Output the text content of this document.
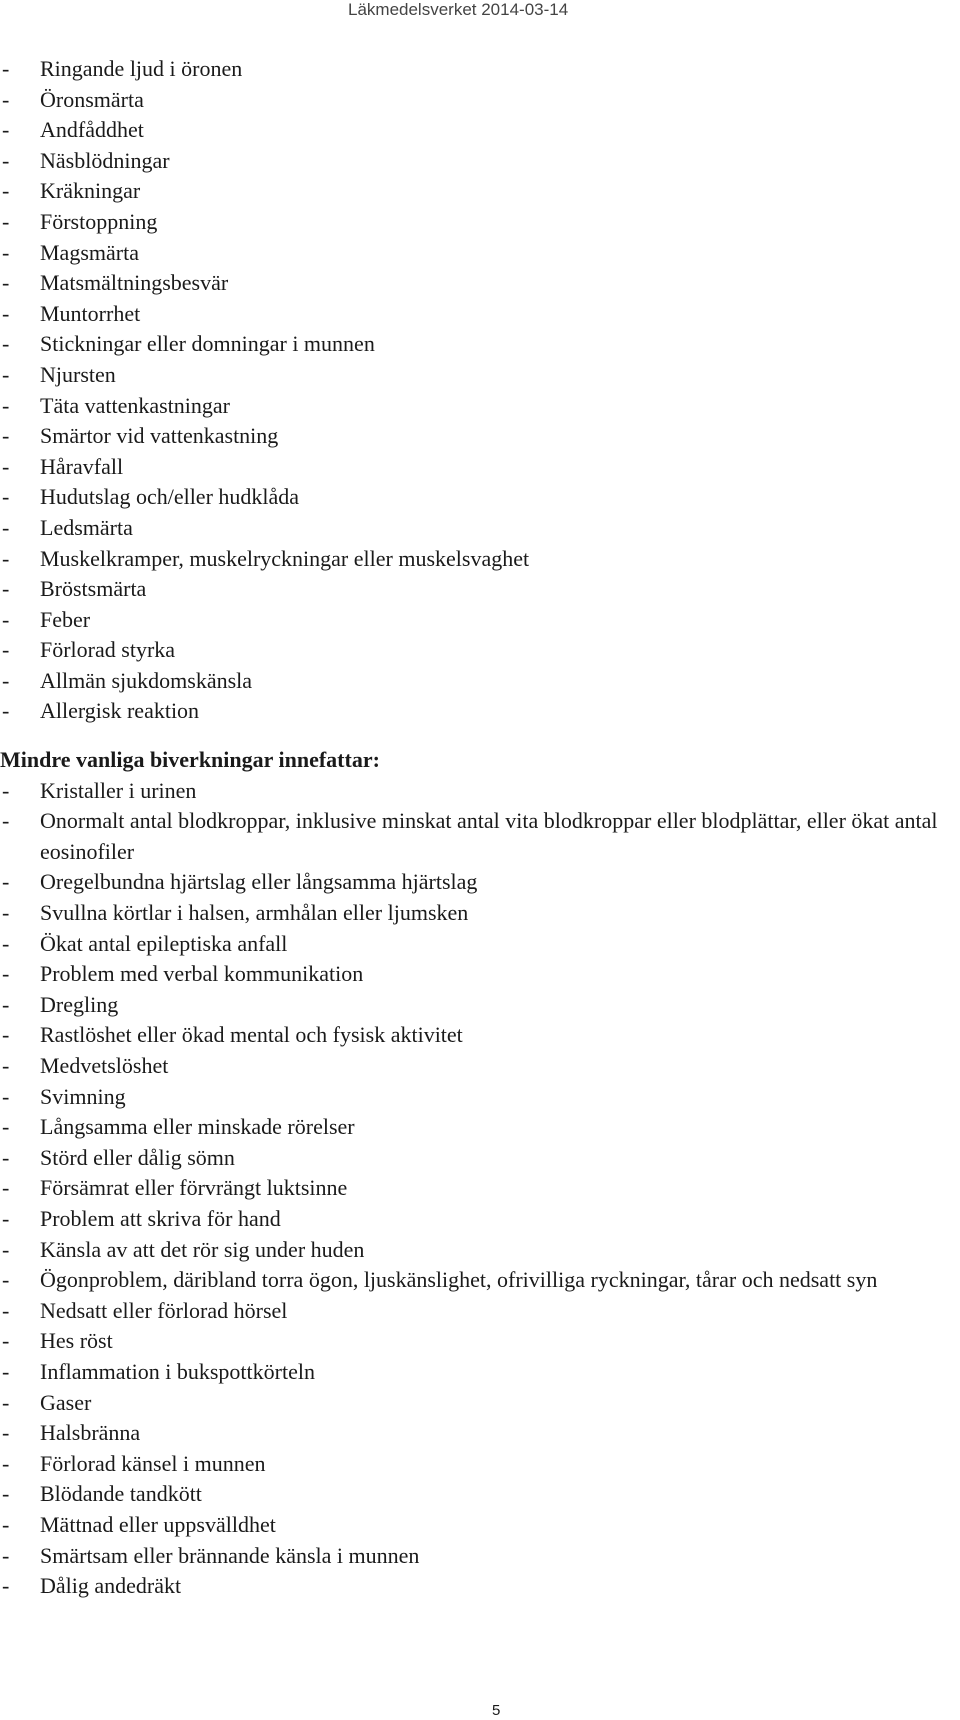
Läkmedelsverket 2014-03-14
- Ringande ljud i öronen
- Öronsmärta
- Andfåddhet
- Näsblödningar
- Kräkningar
- Förstoppning
- Magsmärta
- Matsmältningsbesvär
- Muntorrhet
- Stickningar eller domningar i munnen
- Njursten
- Täta vattenkastningar
- Smärtor vid vattenkastning
- Håravfall
- Hudutslag och/eller hudklåda
- Ledsmärta
- Muskelkramper, muskelryckningar eller muskelsvaghet
- Bröstsmärta
- Feber
- Förlorad styrka
- Allmän sjukdomskänsla
- Allergisk reaktion
Mindre vanliga biverkningar innefattar:
- Kristaller i urinen
- Onormalt antal blodkroppar, inklusive minskat antal vita blodkroppar eller blodplättar, eller ökat antal eosinofiler
- Oregelbundna hjärtslag eller långsamma hjärtslag
- Svullna körtlar i halsen, armhålan eller ljumsken
- Ökat antal epileptiska anfall
- Problem med verbal kommunikation
- Dregling
- Rastlöshet eller ökad mental och fysisk aktivitet
- Medvetslöshet
- Svimning
- Långsamma eller minskade rörelser
- Störd eller dålig sömn
- Försämrat eller förvrängt luktsinne
- Problem att skriva för hand
- Känsla av att det rör sig under huden
- Ögonproblem, däribland torra ögon, ljuskänslighet, ofrivilliga ryckningar, tårar och nedsatt syn
- Nedsatt eller förlorad hörsel
- Hes röst
- Inflammation i bukspottkörteln
- Gaser
- Halsbränna
- Förlorad känsel i munnen
- Blödande tandkött
- Mättnad eller uppsvälldhet
- Smärtsam eller brännande känsla i munnen
- Dålig andedräkt
5
